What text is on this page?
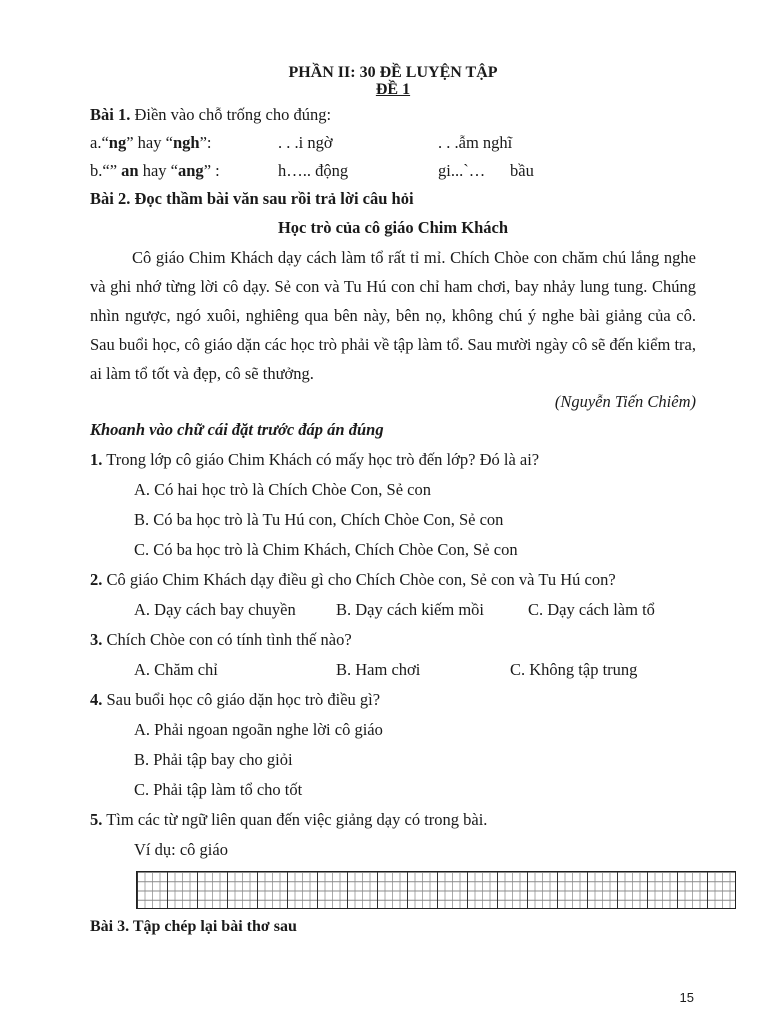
PHẦN II: 30 ĐỀ LUYỆN TẬP
ĐỀ 1
Bài 1. Điền vào chỗ trống cho đúng:
a.“ng” hay “ngh”:	. . .i ngờ	. . .ẫm nghĩ
b.“” an hay “ang” :	h….. động	gi...`… bầu
Bài 2. Đọc thầm bài văn sau rồi trả lời câu hỏi
Học trò của cô giáo Chim Khách
Cô giáo Chim Khách dạy cách làm tổ rất tỉ mỉ. Chích Chòe con chăm chú lắng nghe và ghi nhớ từng lời cô dạy. Sẻ con và Tu Hú con chỉ ham chơi, bay nhảy lung tung. Chúng nhìn ngược, ngó xuôi, nghiêng qua bên này, bên nọ, không chú ý nghe bài giảng của cô. Sau buổi học, cô giáo dặn các học trò phải về tập làm tổ. Sau mười ngày cô sẽ đến kiểm tra, ai làm tổ tốt và đẹp, cô sẽ thưởng.
(Nguyễn Tiến Chiêm)
Khoanh vào chữ cái đặt trước đáp án đúng
1. Trong lớp cô giáo Chim Khách có mấy học trò đến lớp? Đó là ai?
A. Có hai học trò là Chích Chòe Con, Sẻ con
B. Có ba học trò là Tu Hú con, Chích Chòe Con, Sẻ con
C. Có ba học trò là Chim Khách, Chích Chòe Con, Sẻ con
2. Cô giáo Chim Khách dạy điều gì cho Chích Chòe con, Sẻ con và Tu Hú con?
A. Dạy cách bay chuyền B. Dạy cách kiếm mồi	C. Dạy cách làm tổ
3. Chích Chòe con có tính tình thế nào?
A. Chăm chỉ	B. Ham chơi	C. Không tập trung
4. Sau buổi học cô giáo dặn học trò điều gì?
A. Phải ngoan ngoãn nghe lời cô giáo
B. Phải tập bay cho giỏi
C. Phải tập làm tổ cho tốt
5. Tìm các từ ngữ liên quan đến việc giảng dạy có trong bài.
Ví dụ: cô giáo
Bài 3. Tập chép lại bài thơ sau
15
